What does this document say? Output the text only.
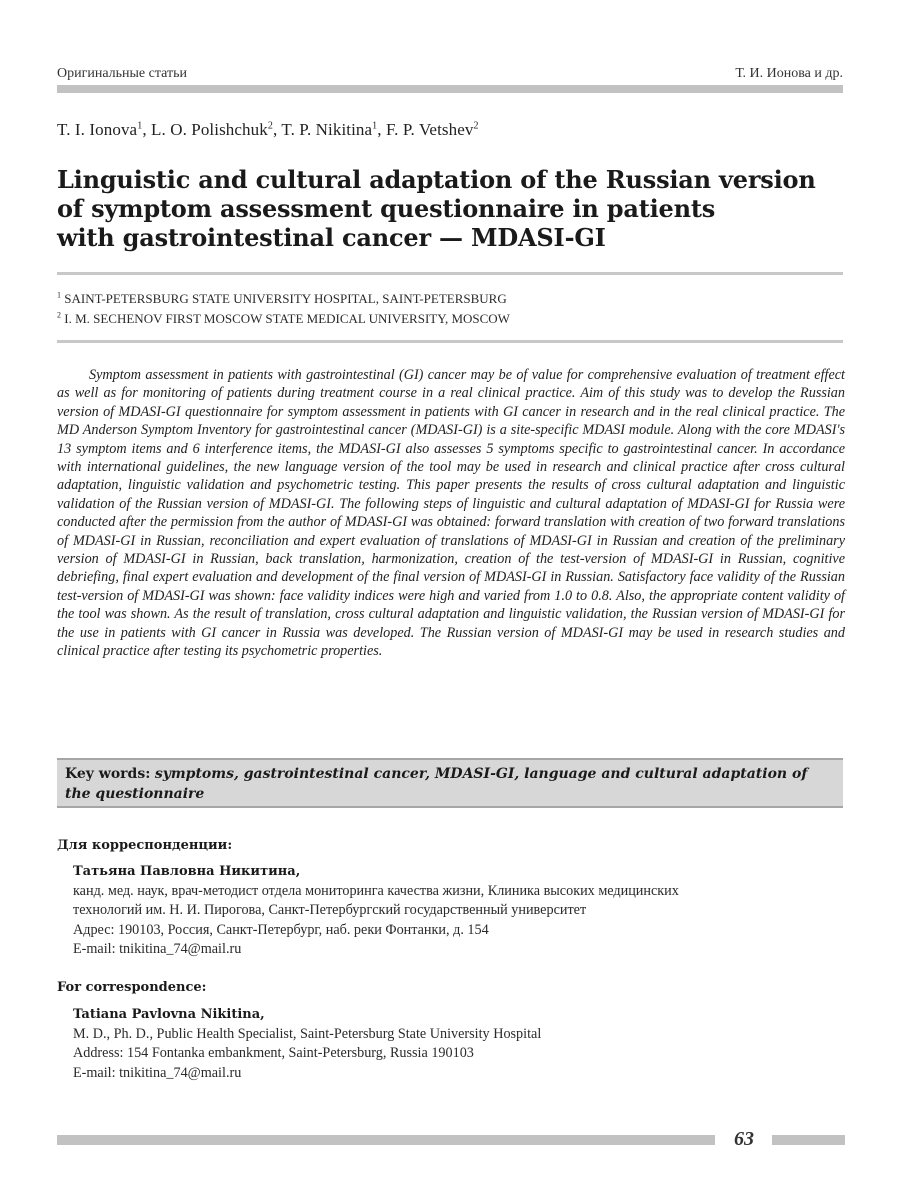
Оригинальные статьи	Т. И. Ионова и др.
T. I. Ionova$^1$, L. O. Polishchuk$^2$, T. P. Nikitina$^1$, F. P. Vetshev$^2$
Linguistic and cultural adaptation of the Russian version
of symptom assessment questionnaire in patients
with gastrointestinal cancer — MDASI-GI
$^1$ SAINT-PETERSBURG STATE UNIVERSITY HOSPITAL, SAINT-PETERSBURG
$^2$ I. M. SECHENOV FIRST MOSCOW STATE MEDICAL UNIVERSITY, MOSCOW

Symptom assessment in patients with gastrointestinal (GI) cancer may be of value for comprehensive evaluation of treatment effect as well as for monitoring of patients during treatment course in a real clinical practice. Aim of this study was to develop the Russian version of MDASI-GI questionnaire for symptom assessment in patients with GI cancer in research and in the real clinical practice. The MD Anderson Symptom Inventory for gastrointestinal cancer (MDASI-GI) is a site-specific MDASI module. Along with the core MDASI's 13 symptom items and 6 interference items, the MDASI-GI also assesses 5 symptoms specific to gastrointestinal cancer. In accordance with international guidelines, the new language version of the tool may be used in research and clinical practice after cross cultural adaptation, linguistic validation and psychometric testing. This paper presents the results of cross cultural adaptation and linguistic validation of the Russian version of MDASI-GI. The following steps of linguistic and cultural adaptation of MDASI-GI for Russia were conducted after the permission from the author of MDASI-GI was obtained: forward translation with creation of two forward translations of MDASI-GI in Russian, reconciliation and expert evaluation of translations of MDASI-GI in Russian and creation of the preliminary version of MDASI-GI in Russian, back translation, harmonization, creation of the test-version of MDASI-GI in Russian, cognitive debriefing, final expert evaluation and development of the final version of MDASI-GI in Russian. Satisfactory face validity of the Russian test-version of MDASI-GI was shown: face validity indices were high and varied from 1.0 to 0.8. Also, the appropriate content validity of the tool was shown. As the result of translation, cross cultural adaptation and linguistic validation, the Russian version of MDASI-GI for the use in patients with GI cancer in Russia was developed. The Russian version of MDASI-GI may be used in research studies and clinical practice after testing its psychometric properties.

Key words: symptoms, gastrointestinal cancer, MDASI-GI, language and cultural adaptation of the questionnaire
Для корреспонденции:
Татьяна Павловна Никитина,
канд. мед. наук, врач-методист отдела мониторинга качества жизни, Клиника высоких медицинских
технологий им. Н. И. Пирогова, Санкт-Петербургский государственный университет
Адрес: 190103, Россия, Санкт-Петербург, наб. реки Фонтанки, д. 154
E-mail: tnikitina_74@mail.ru
For correspondence:
Tatiana Pavlovna Nikitina,
M. D., Ph. D., Public Health Specialist, Saint-Petersburg State University Hospital
Address: 154 Fontanka embankment, Saint-Petersburg, Russia 190103
E-mail: tnikitina_74@mail.ru
63
